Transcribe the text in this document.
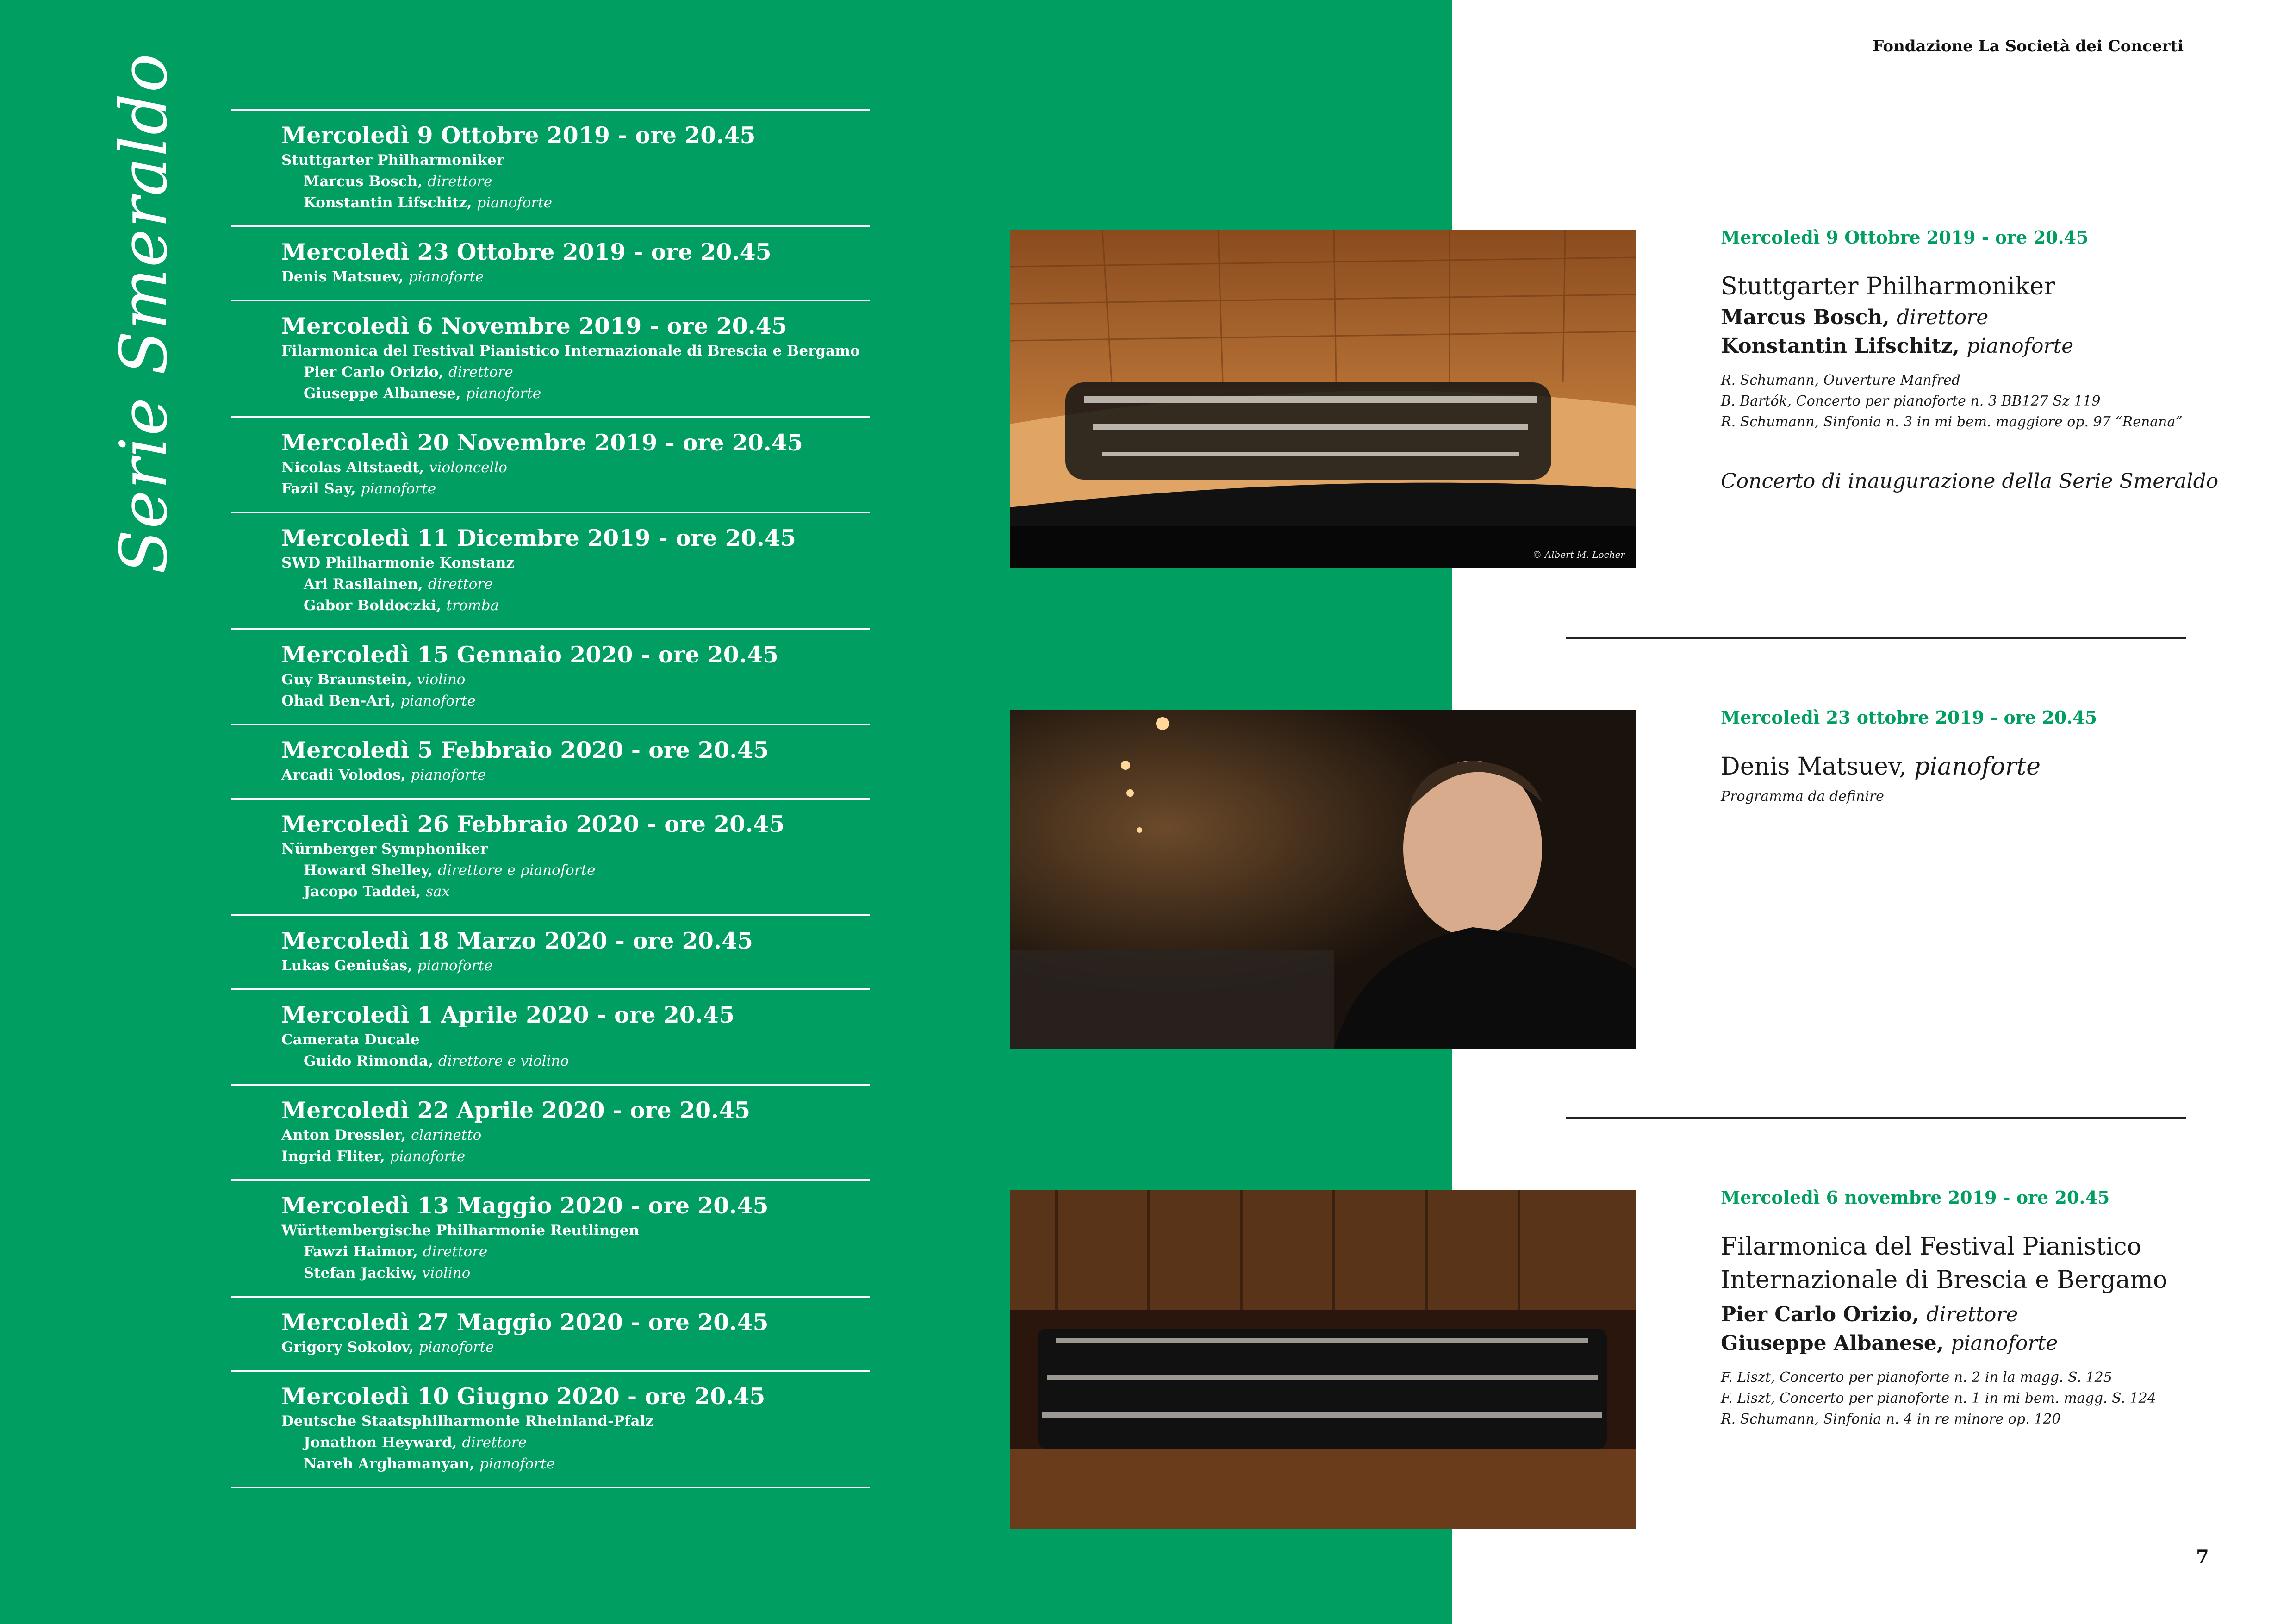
Serie Smeraldo	Mercoledì 9 Ottobre 2019 - ore 20.45
Stuttgarter Philharmoniker
Marcus Bosch, direttore
Konstantin Lifschitz, pianoforte
Mercoledì 23 Ottobre 2019 - ore 20.45
Denis Matsuev, pianoforte
Mercoledì 6 Novembre 2019 - ore 20.45
Filarmonica del Festival Pianistico Internazionale di Brescia e Bergamo
Pier Carlo Orizio, direttore
Giuseppe Albanese, pianoforte
Mercoledì 20 Novembre 2019 - ore 20.45
Nicolas Altstaedt, violoncello
Fazil Say, pianoforte
Mercoledì 11 Dicembre 2019 - ore 20.45
SWD Philharmonie Konstanz
Ari Rasilainen, direttore
Gabor Boldoczki, tromba
Mercoledì 15 Gennaio 2020 - ore 20.45
Guy Braunstein, violino
Ohad Ben-Ari, pianoforte
Mercoledì 5 Febbraio 2020 - ore 20.45
Arcadi Volodos, pianoforte
Mercoledì 26 Febbraio 2020 - ore 20.45
Nürnberger Symphoniker
Howard Shelley, direttore e pianoforte
Jacopo Taddei, sax
Mercoledì 18 Marzo 2020 - ore 20.45
Lukas Geniušas, pianoforte
Mercoledì 1 Aprile 2020 - ore 20.45
Camerata Ducale
Guido Rimonda, direttore e violino
Mercoledì 22 Aprile 2020 - ore 20.45
Anton Dressler, clarinetto
Ingrid Fliter, pianoforte
Mercoledì 13 Maggio 2020 - ore 20.45
Württembergische Philharmonie Reutlingen
Fawzi Haimor, direttore
Stefan Jackiw, violino
Mercoledì 27 Maggio 2020 - ore 20.45
Grigory Sokolov, pianoforte
Mercoledì 10 Giugno 2020 - ore 20.45
Deutsche Staatsphilharmonie Rheinland-Pfalz
Jonathon Heyward, direttore
Nareh Arghamanyan, pianoforte
Fondazione La Società dei Concerti
© Albert M. Locher
Mercoledì 9 Ottobre 2019 - ore 20.45
Stuttgarter Philharmoniker
Marcus Bosch, direttore
Konstantin Lifschitz, pianoforte
R. Schumann, Ouverture Manfred
B. Bartók, Concerto per pianoforte n. 3 BB127 Sz 119
R. Schumann, Sinfonia n. 3 in mi bem. maggiore op. 97 “Renana”
Concerto di inaugurazione della Serie Smeraldo
Mercoledì 23 ottobre 2019 - ore 20.45
Denis Matsuev, pianoforte
Programma da definire
Mercoledì 6 novembre 2019 - ore 20.45
Filarmonica del Festival Pianistico
Internazionale di Brescia e Bergamo
Pier Carlo Orizio, direttore
Giuseppe Albanese, pianoforte
F. Liszt, Concerto per pianoforte n. 2 in la magg. S. 125
F. Liszt, Concerto per pianoforte n. 1 in mi bem. magg. S. 124
R. Schumann, Sinfonia n. 4 in re minore op. 120
7
